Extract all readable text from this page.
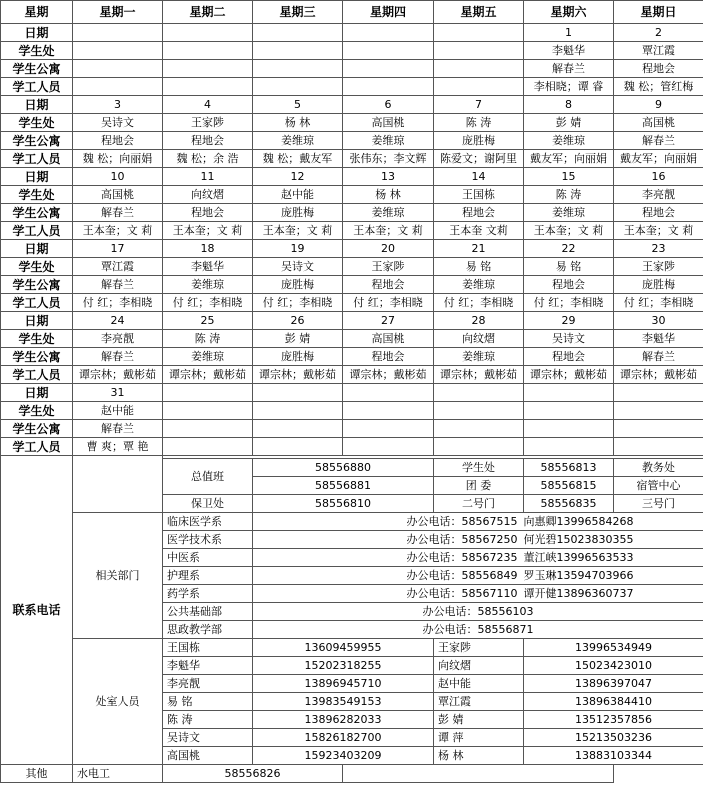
星期	星期一	星期二	星期三	星期四	星期五	星期六	星期日
日期						1	2
学生处						李魁华	覃江霞
学生公寓						解春兰	程地会
学工人员						李相晓；谭 睿	魏 松；管红梅
日期	3	4	5	6	7	8	9
学生处	吴诗文	王家陟	杨 林	高国桃	陈 涛	彭 婧	高国桃
学生公寓	程地会	程地会	姜维琼	姜维琼	庞胜梅	姜维琼	解春兰
学工人员	魏 松；向丽娟	魏 松；余 浩	魏 松；戴友军	张伟东；李文辉	陈爱文；谢阿里	戴友军；向丽娟	戴友军；向丽娟
日期	10	11	12	13	14	15	16
学生处	高国桃	向纹熠	赵中能	杨 林	王国栋	陈 涛	李亮靓
学生公寓	解春兰	程地会	庞胜梅	姜维琼	程地会	姜维琼	程地会
学工人员	王本奎；文 莉	王本奎；文 莉	王本奎；文 莉	王本奎；文 莉	王本奎 文莉	王本奎；文 莉	王本奎；文 莉
日期	17	18	19	20	21	22	23
学生处	覃江霞	李魁华	吴诗文	王家陟	易 铭	易 铭	王家陟
学生公寓	解春兰	姜维琼	庞胜梅	程地会	姜维琼	程地会	庞胜梅
学工人员	付 红；李相晓	付 红；李相晓	付 红；李相晓	付 红；李相晓	付 红；李相晓	付 红；李相晓	付 红；李相晓
日期	24	25	26	27	28	29	30
学生处	李亮靓	陈 涛	彭 婧	高国桃	向纹熠	吴诗文	李魁华
学生公寓	解春兰	姜维琼	庞胜梅	程地会	姜维琼	程地会	解春兰
学工人员	谭宗林；戴彬茹	谭宗林；戴彬茹	谭宗林；戴彬茹	谭宗林；戴彬茹	谭宗林；戴彬茹	谭宗林；戴彬茹	谭宗林；戴彬茹
日期	31						
学生处	赵中能						
学生公寓	解春兰						
学工人员	曹 爽；覃 艳						
联系电话								
		总值班	58556880		学生处	58556813	教务处	
			58556881		团 委	58556815	宿管中心	
		保卫处	58556810		二号门	58556835	三号门	
	相关部门	临床医学系	办公电话：58567515			向惠卿13996584268		
		医学技术系	办公电话：58567250			何光碧15023830355		
		中医系	办公电话：58567235			董江峡13996563533		
		护理系	办公电话：58556849			罗玉琳13594703966		
		药学系	办公电话：58567110			谭开健13896360737		
		公共基础部	办公电话：58556103					
		思政教学部	办公电话：58556871					
	处室人员	王国栋	13609459955		王家陟	13996534949		
		李魁华	15202318255		向纹熠	15023423010		
		李亮靓	13896945710		赵中能	13896397047		
		易 铭	13983549153		覃江霞	13896384410		
		陈 涛	13896282033		彭 婧	13512357856		
		吴诗文	15826182700		谭 萍	15213503236		
		高国桃	15923403209		杨 林	13883103344		
其他	水电工	58556826						
